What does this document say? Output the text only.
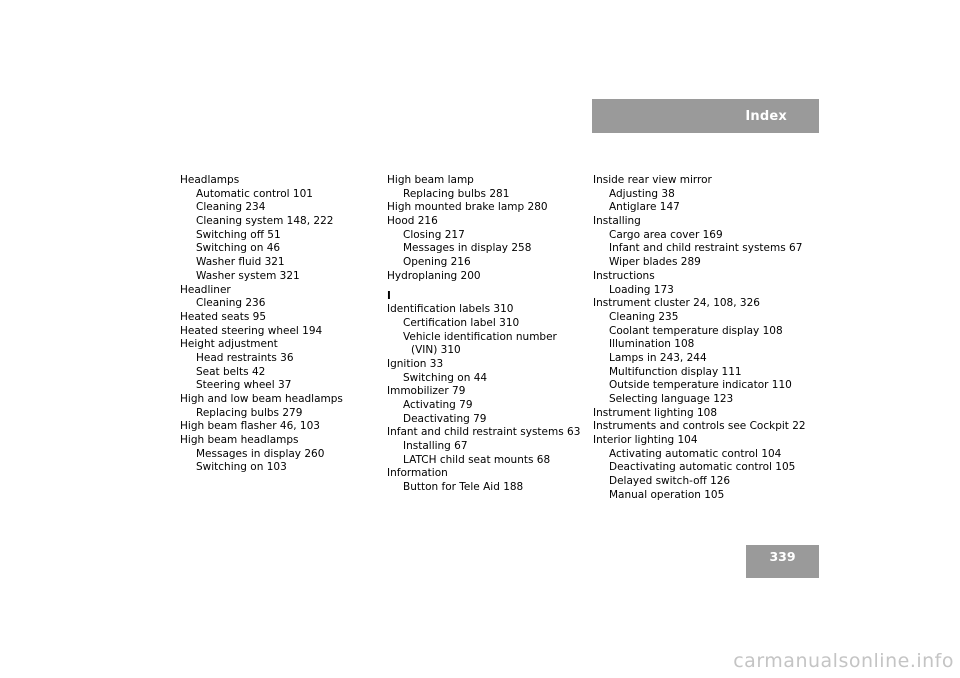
Index
Headlamps
Automatic control 101
Cleaning 234
Cleaning system 148, 222
Switching off 51
Switching on 46
Washer fluid 321
Washer system 321
Headliner
Cleaning 236
Heated seats 95
Heated steering wheel 194
Height adjustment
Head restraints 36
Seat belts 42
Steering wheel 37
High and low beam headlamps
Replacing bulbs 279
High beam flasher 46, 103
High beam headlamps
Messages in display 260
Switching on 103
High beam lamp
Replacing bulbs 281
High mounted brake lamp 280
Hood 216
Closing 217
Messages in display 258
Opening 216
Hydroplaning 200
I
Identification labels 310
Certification label 310
Vehicle identification number
(VIN) 310
Ignition 33
Switching on 44
Immobilizer 79
Activating 79
Deactivating 79
Infant and child restraint systems 63
Installing 67
LATCH child seat mounts 68
Information
Button for Tele Aid 188
Inside rear view mirror
Adjusting 38
Antiglare 147
Installing
Cargo area cover 169
Infant and child restraint systems 67
Wiper blades 289
Instructions
Loading 173
Instrument cluster 24, 108, 326
Cleaning 235
Coolant temperature display 108
Illumination 108
Lamps in 243, 244
Multifunction display 111
Outside temperature indicator 110
Selecting language 123
Instrument lighting 108
Instruments and controls see Cockpit 22
Interior lighting 104
Activating automatic control 104
Deactivating automatic control 105
Delayed switch-off 126
Manual operation 105
339
carmanualsonline.info
